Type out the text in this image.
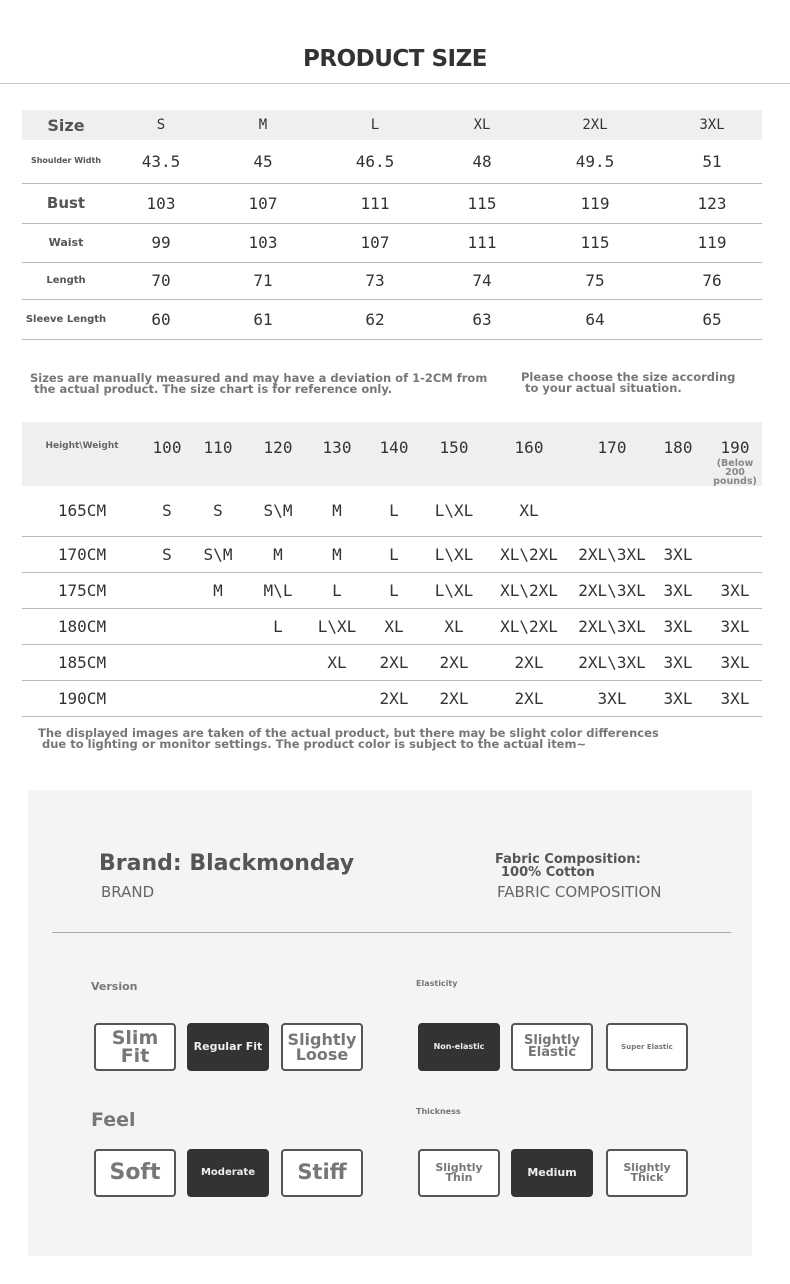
PRODUCT SIZE
Size	S	M	L	XL	2XL	3XL
Shoulder Width	43.5	45	46.5	48	49.5	51
Bust	103	107	111	115	119	123
Waist	99	103	107	111	115	119
Length	70	71	73	74	75	76
Sleeve Length	60	61	62	63	64	65
Sizes are manually measured and may have a deviation of 1-2CM from
the actual product. The size chart is for reference only.
Please choose the size according
to your actual situation.
Height\Weight	100	110	120	130	140	150	160	170	180	190
(Below 200 pounds)

165CM	S	S	S\M	M	L	L\XL	XL			
170CM	S	S\M	M	M	L	L\XL	XL\2XL	2XL\3XL	3XL	
175CM		M	M\L	L	L	L\XL	XL\2XL	2XL\3XL	3XL	3XL
180CM			L	L\XL	XL	XL	XL\2XL	2XL\3XL	3XL	3XL
185CM				XL	2XL	2XL	2XL	2XL\3XL	3XL	3XL
190CM					2XL	2XL	2XL	3XL	3XL	3XL
The displayed images are taken of the actual product, but there may be slight color differences
due to lighting or monitor settings. The product color is subject to the actual item~
Brand: Blackmonday
BRAND
Fabric Composition:
100% Cotton
FABRIC COMPOSITION
Version
Slim Fit	Regular Fit	Slightly Loose
Elasticity
Non-elastic	Slightly Elastic	Super Elastic
Feel
Soft	Moderate	Stiff
Thickness
Slightly Thin	Medium	Slightly Thick
